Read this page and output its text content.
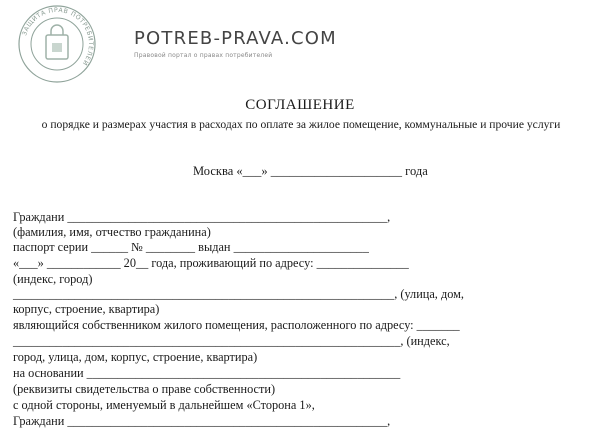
ЗАЩИТА ПРАВ ПОТРЕБИТЕЛЕЙ
POTREB-PRAVA.COM
Правовой портал о правах потребителей
СОГЛАШЕНИЕ
о порядке и размерах участия в расходах по оплате за жилое помещение, коммунальные и прочие услуги
Москва «___» _____________________ года
Граждани ____________________________________________________,
(фамилия, имя, отчество гражданина)
паспорт серии ______ № ________ выдан ______________________
«___» ____________ 20__ года, проживающий по адресу: _______________
(индекс, город)
______________________________________________________________, (улица, дом,
корпус, строение, квартира)
являющийся собственником жилого помещения, расположенного по адресу: _______
_______________________________________________________________, (индекс,
город, улица, дом, корпус, строение, квартира)
на основании ___________________________________________________
(реквизиты свидетельства о праве собственности)
с одной стороны, именуемый в дальнейшем «Сторона 1»,
Граждани ____________________________________________________,
